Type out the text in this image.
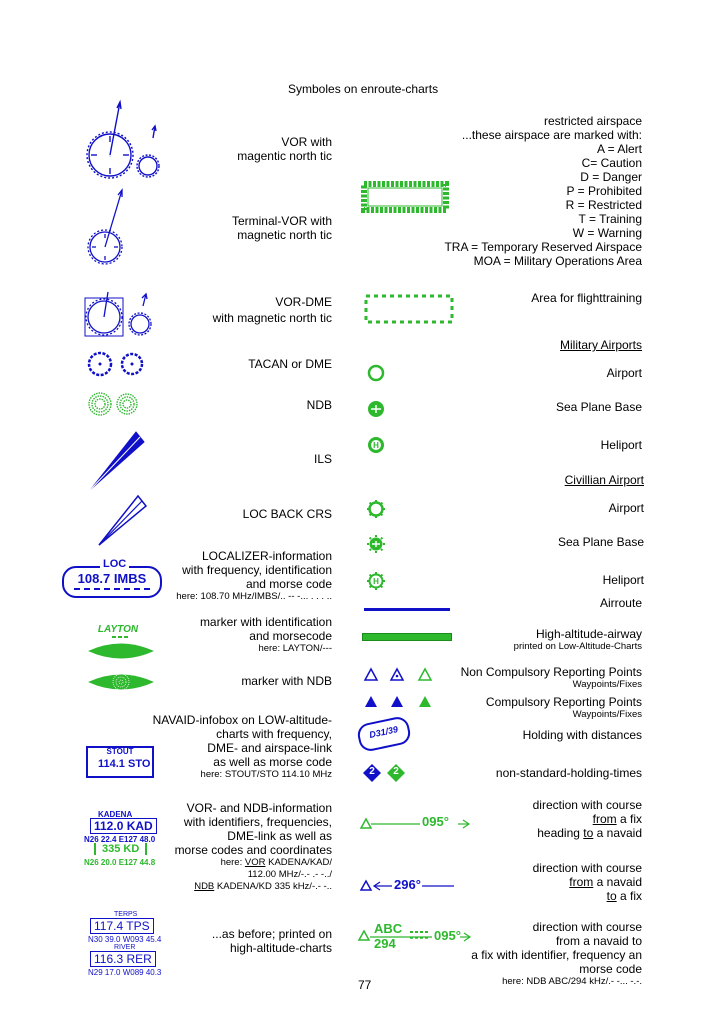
Symboles on enroute-charts
VOR with
magentic north tic
Terminal-VOR with
magnetic north tic
VOR-DME
with magnetic north tic
TACAN or DME
NDB
ILS
LOC BACK CRS
LOCALIZER-information
with frequency, identification
and morse code
here: 108.70 MHz/IMBS/.. -- -... . . . ..
marker with identification
and morsecode
here: LAYTON/---
marker with NDB
NAVAID-infobox on LOW-altitude-
charts with frequency,
DME- and airspace-link
as well as morse code
here: STOUT/STO 114.10 MHz
VOR- and NDB-information
with identifiers, frequencies,
DME-link as well as
morse codes and coordinates
here: VOR KADENA/KAD/
112.00 MHz/-.- .- -../
NDB KADENA/KD 335 kHz/-.- -..
...as before; printed on
high-altitude-charts
·
LOC
108.7 IMBS
LAYTON
STOUT
114.1 STO
KADENA
112.0 KAD
N26 22.4 E127 48.0
335 KD
N26 20.0 E127 44.8
TERPS
117.4 TPS
N30 39.0 W093 45.4
RIVER
116.3 RER
N29 17.0 W089 40.3
restricted airspace
...these airspace are marked with:
A = Alert
C= Caution
D = Danger
P = Prohibited
R = Restricted
T = Training
W = Warning
TRA = Temporary Reserved Airspace
MOA = Military Operations Area
Area for flighttraining
Military Airports
Airport
Sea Plane Base
Heliport
Civillian Airport
Airport
Sea Plane Base
Heliport
Airroute
High-altitude-airway
printed on Low-Altitude-Charts
Non Compulsory Reporting Points
Waypoints/Fixes
Compulsory Reporting Points
Waypoints/Fixes
Holding with distances
non-standard-holding-times
direction with course
from a fix
heading to a navaid
direction with course
from a navaid
to a fix
direction with course
from a navaid to
a fix with identifier, frequency an
morse code
here: NDB ABC/294 kHz/.- -... -.-.
H
H
D31/39
2 2
095°
296°
ABC
294
095°
77
